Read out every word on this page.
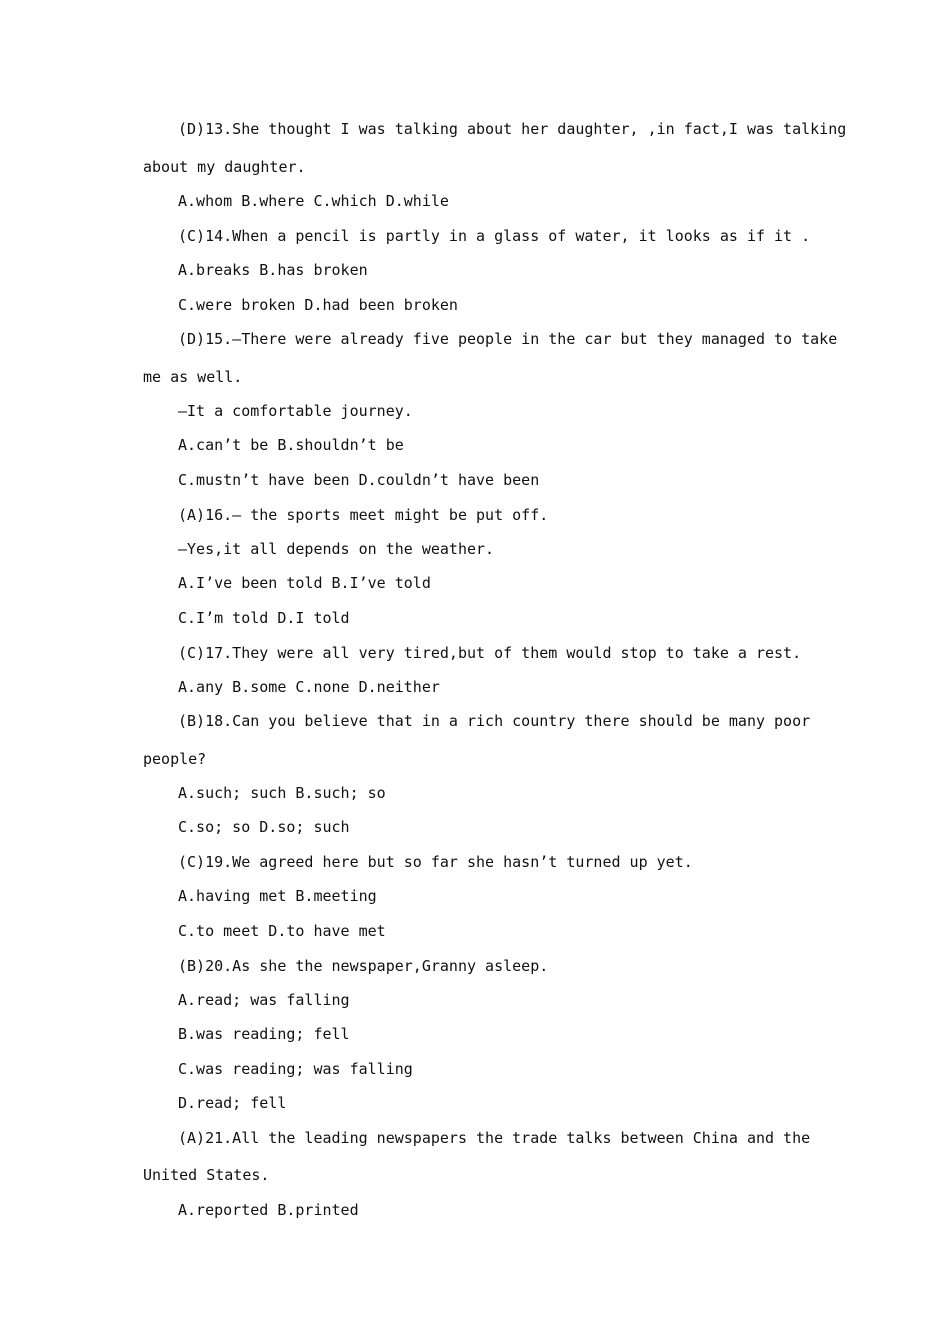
(D)13.She thought I was talking about her daughter, ,in fact,I was talking
about my daughter.
A.whom B.where C.which D.while
(C)14.When a pencil is partly in a glass of water, it looks as if it .
A.breaks B.has broken
C.were broken D.had been broken
(D)15.—There were already five people in the car but they managed to take
me as well.
—It a comfortable journey.
A.can’t be B.shouldn’t be
C.mustn’t have been D.couldn’t have been
(A)16.— the sports meet might be put off.
—Yes,it all depends on the weather.
A.I’ve been told B.I’ve told
C.I’m told D.I told
(C)17.They were all very tired,but of them would stop to take a rest.
A.any B.some C.none D.neither
(B)18.Can you believe that in a rich country there should be many poor
people?
A.such; such B.such; so
C.so; so D.so; such
(C)19.We agreed here but so far she hasn’t turned up yet.
A.having met B.meeting
C.to meet D.to have met
(B)20.As she the newspaper,Granny asleep.
A.read; was falling
B.was reading; fell
C.was reading; was falling
D.read; fell
(A)21.All the leading newspapers the trade talks between China and the
United States.
A.reported B.printed
